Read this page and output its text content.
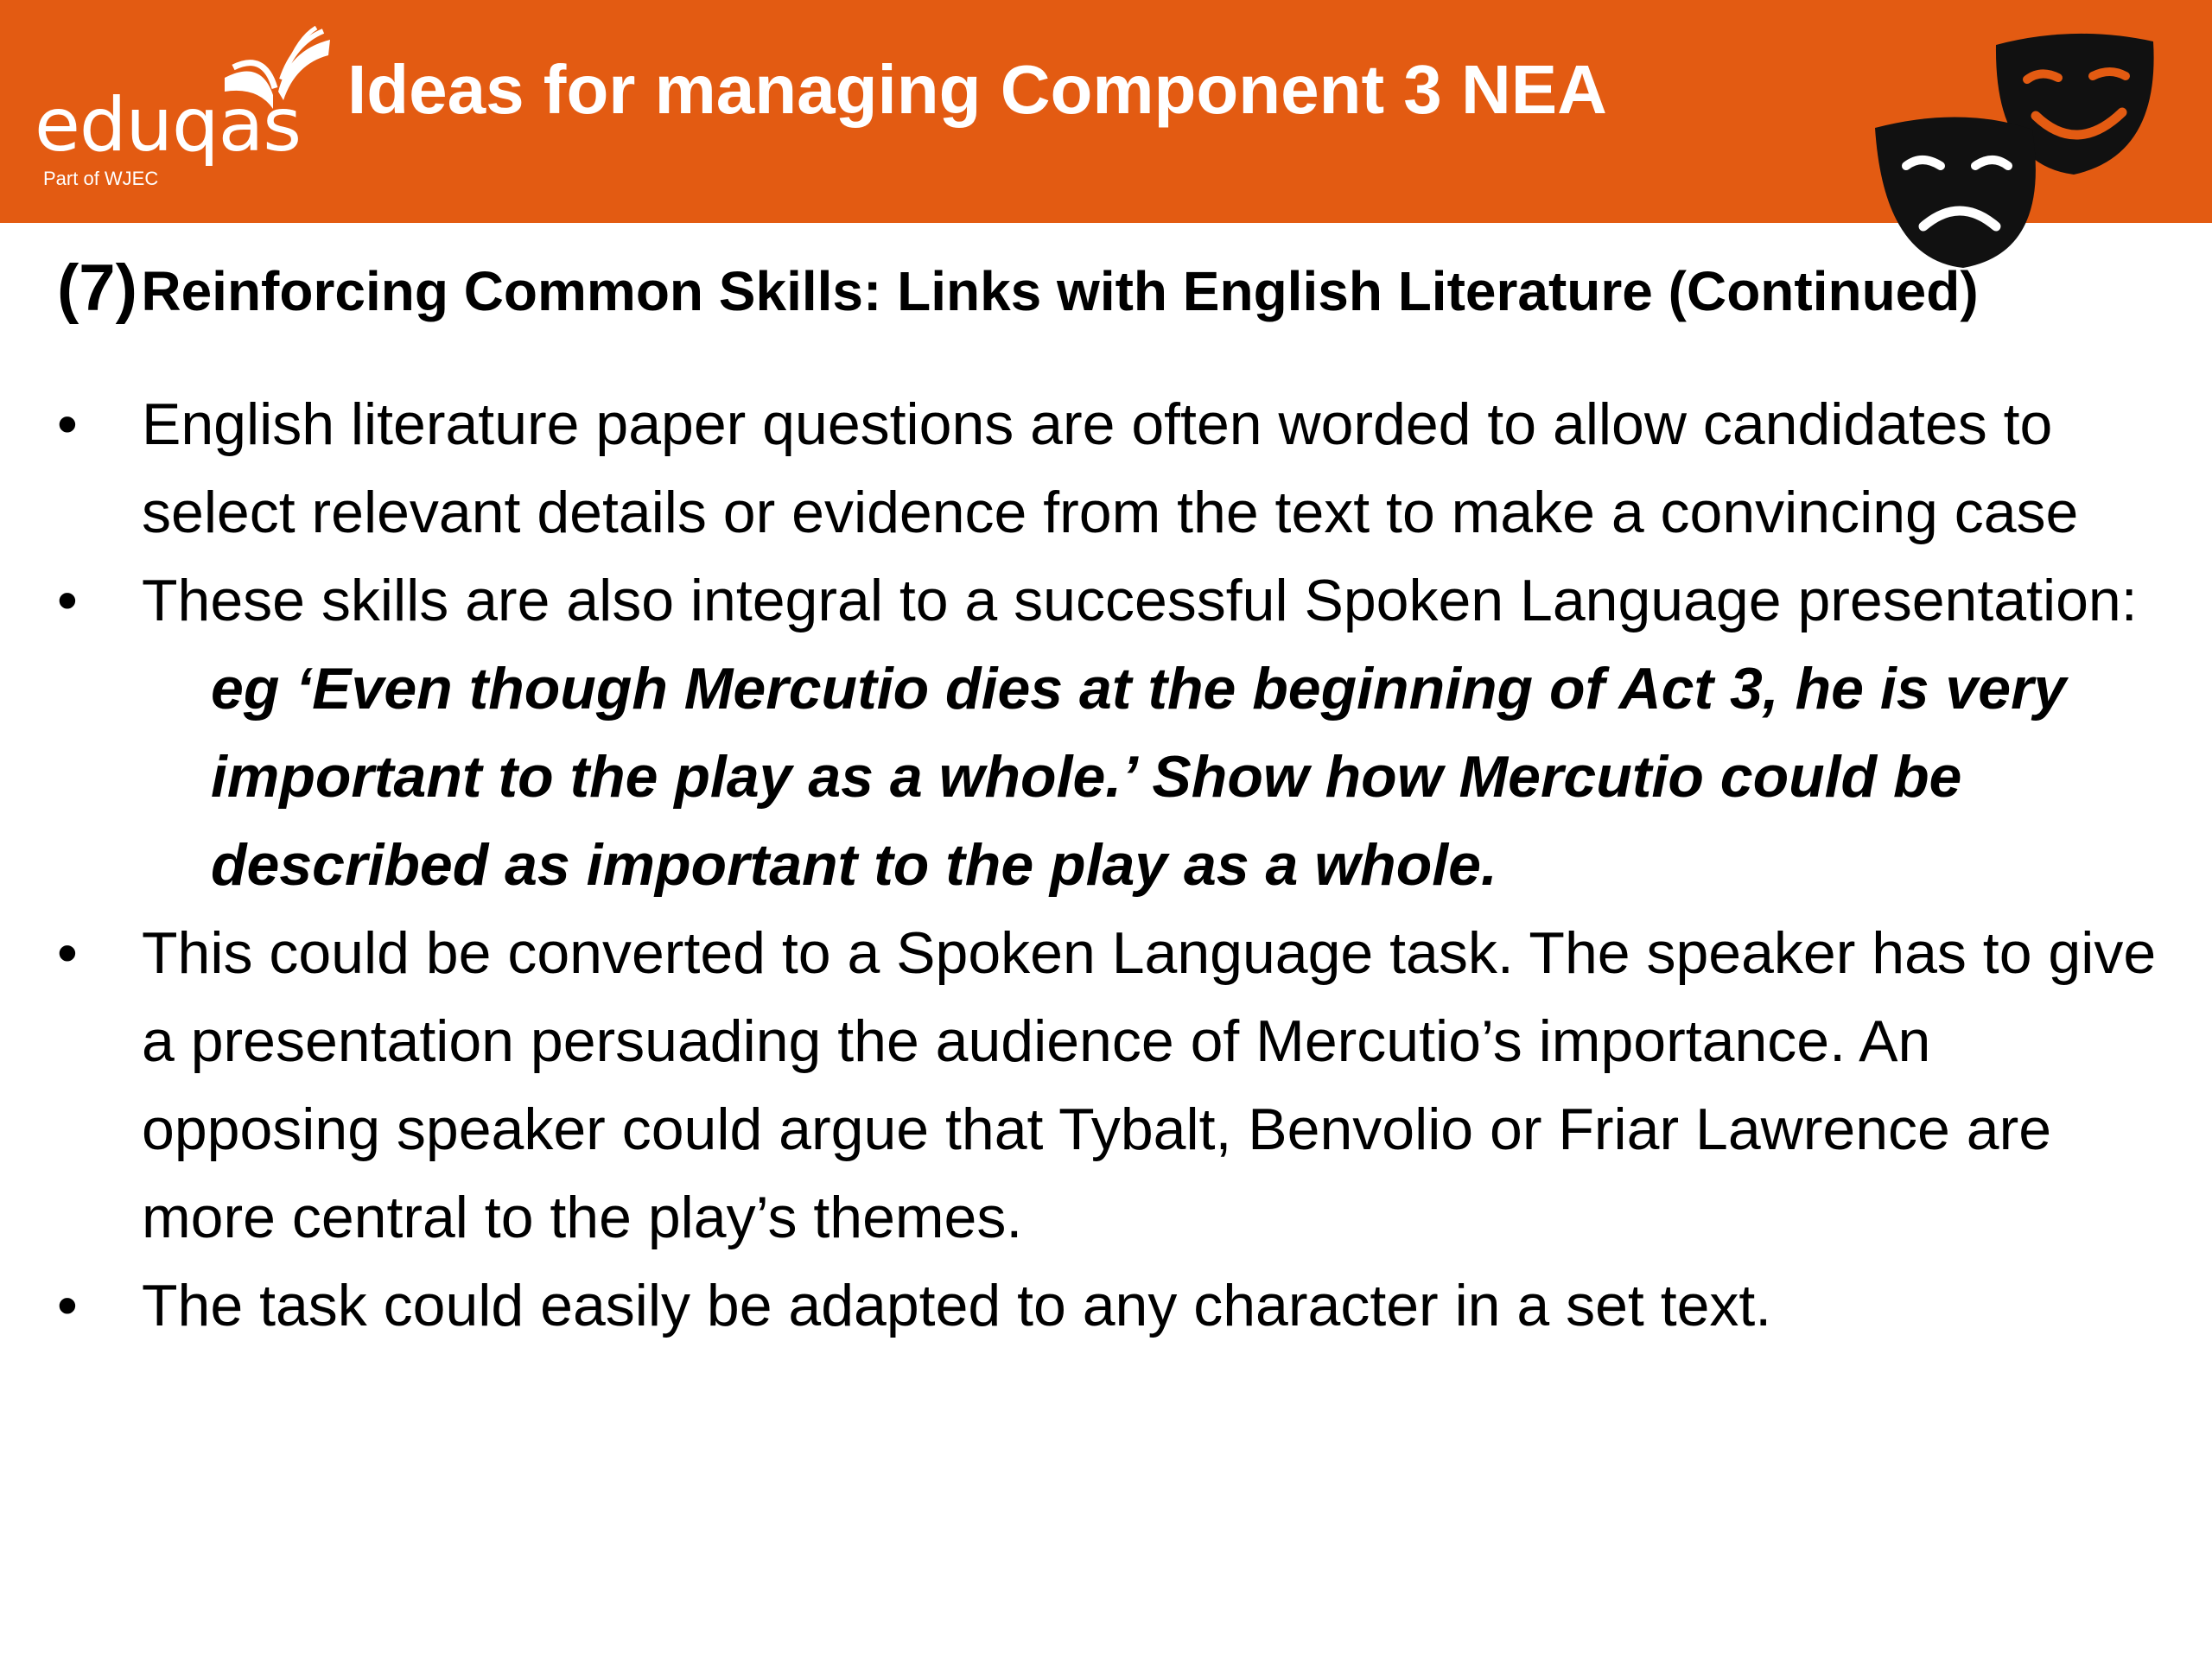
eduqas
Part of WJEC
Ideas for managing Component 3 NEA
(7) Reinforcing Common Skills: Links with English Literature (Continued)
•	English literature paper questions are often worded to allow candidates to select relevant details or evidence from the text to make a convincing case
•	These skills are also integral to a successful Spoken Language presentation:
eg ‘Even though Mercutio dies at the beginning of Act 3, he is very important to the play as a whole.’ Show how Mercutio could be described as important to the play as a whole.
•	This could be converted to a Spoken Language task. The speaker has to give a presentation persuading the audience of Mercutio’s importance. An opposing speaker could argue that Tybalt, Benvolio or Friar Lawrence are more central to the play’s themes.
•	The task could easily be adapted to any character in a set text.
